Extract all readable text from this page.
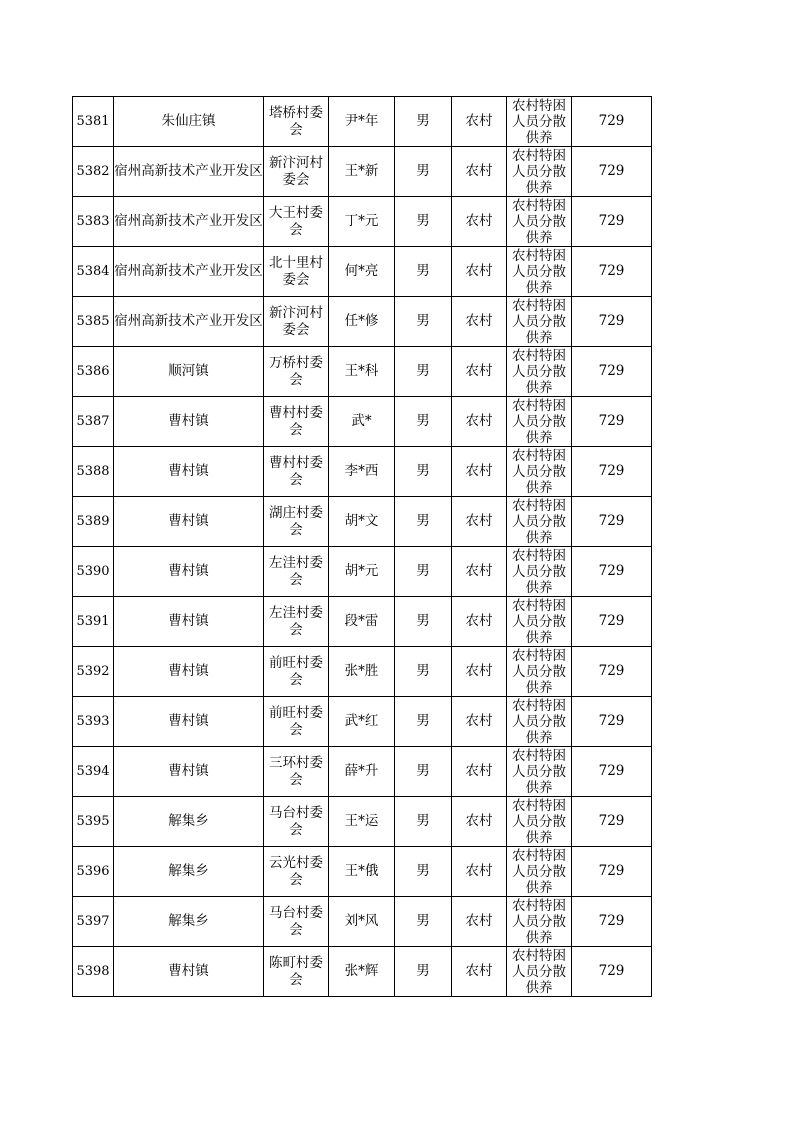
5381	朱仙庄镇	塔桥村委会	尹*年	男	农村	农村特困人员分散供养	729

5382	宿州高新技术产业开发区	新汴河村委会	王*新	男	农村	农村特困人员分散供养	729

5383	宿州高新技术产业开发区	大王村委会	丁*元	男	农村	农村特困人员分散供养	729

5384	宿州高新技术产业开发区	北十里村委会	何*亮	男	农村	农村特困人员分散供养	729

5385	宿州高新技术产业开发区	新汴河村委会	任*修	男	农村	农村特困人员分散供养	729

5386	顺河镇	万桥村委会	王*科	男	农村	农村特困人员分散供养	729

5387	曹村镇	曹村村委会	武*	男	农村	农村特困人员分散供养	729

5388	曹村镇	曹村村委会	李*西	男	农村	农村特困人员分散供养	729

5389	曹村镇	湖庄村委会	胡*文	男	农村	农村特困人员分散供养	729

5390	曹村镇	左洼村委会	胡*元	男	农村	农村特困人员分散供养	729

5391	曹村镇	左洼村委会	段*雷	男	农村	农村特困人员分散供养	729

5392	曹村镇	前旺村委会	张*胜	男	农村	农村特困人员分散供养	729

5393	曹村镇	前旺村委会	武*红	男	农村	农村特困人员分散供养	729

5394	曹村镇	三环村委会	薛*升	男	农村	农村特困人员分散供养	729

5395	解集乡	马台村委会	王*运	男	农村	农村特困人员分散供养	729

5396	解集乡	云光村委会	王*俄	男	农村	农村特困人员分散供养	729

5397	解集乡	马台村委会	刘*风	男	农村	农村特困人员分散供养	729

5398	曹村镇	陈町村委会	张*辉	男	农村	农村特困人员分散供养	729
